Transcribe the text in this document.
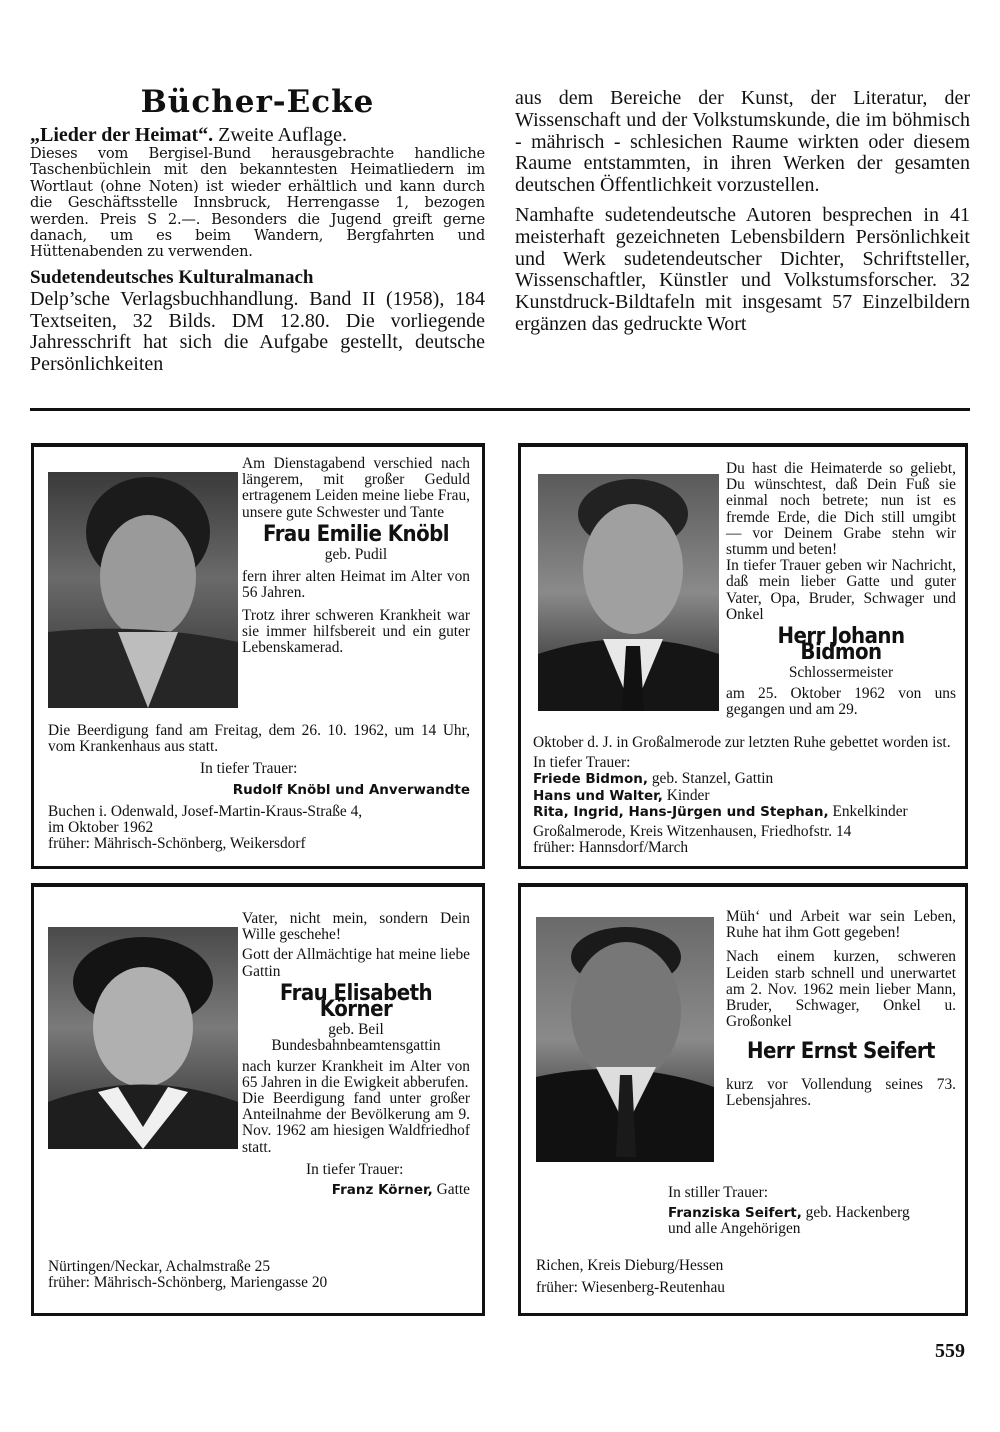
Bücher-Ecke

„Lieder der Heimat“. Zweite Auflage.

Dieses vom Bergisel-Bund herausgebrachte handliche Taschenbüchlein mit den bekanntesten Heimatliedern im Wortlaut (ohne Noten) ist wieder erhältlich und kann durch die Geschäftsstelle Innsbruck, Herrengasse 1, bezogen werden. Preis S 2.—. Besonders die Jugend greift gerne danach, um es beim Wandern, Bergfahrten und Hüttenabenden zu verwenden.

Sudetendeutsches Kulturalmanach

Delp’sche Verlagsbuchhandlung. Band II (1958), 184 Textseiten, 32 Bilds. DM 12.80. Die vorliegende Jahresschrift hat sich die Aufgabe gestellt, deutsche Persönlichkeiten

aus dem Bereiche der Kunst, der Literatur, der Wissenschaft und der Volkstumskunde, die im böhmisch - mährisch - schlesichen Raume wirkten oder diesem Raume entstammten, in ihren Werken der gesamten deutschen Öffentlichkeit vorzustellen.

Namhafte sudetendeutsche Autoren besprechen in 41 meisterhaft gezeichneten Lebensbildern Persönlichkeit und Werk sudetendeutscher Dichter, Schriftsteller, Wissenschaftler, Künstler und Volkstumsforscher. 32 Kunstdruck-Bildtafeln mit insgesamt 57 Einzelbildern ergänzen das gedruckte Wort

Am Dienstagabend verschied nach längerem, mit großer Geduld ertragenem Leiden meine liebe Frau, unsere gute Schwester und Tante

Frau Emilie Knöbl

geb. Pudil

fern ihrer alten Heimat im Alter von 56 Jahren.

Trotz ihrer schweren Krankheit war sie immer hilfsbereit und ein guter Lebenskamerad.

Die Beerdigung fand am Freitag, dem 26. 10. 1962, um 14 Uhr, vom Krankenhaus aus statt.

In tiefer Trauer:

Rudolf Knöbl und Anverwandte

Buchen i. Odenwald, Josef-Martin-Kraus-Straße 4,

im Oktober 1962

früher: Mährisch-Schönberg, Weikersdorf

Du hast die Heimaterde so geliebt, Du wünschtest, daß Dein Fuß sie einmal noch betrete; nun ist es fremde Erde, die Dich still umgibt — vor Deinem Grabe stehn wir stumm und beten!

In tiefer Trauer geben wir Nachricht, daß mein lieber Gatte und guter Vater, Opa, Bruder, Schwager und Onkel

Herr Johann Bidmon

Schlossermeister

am 25. Oktober 1962 von uns gegangen und am 29.

Oktober d. J. in Großalmerode zur letzten Ruhe gebettet worden ist.

In tiefer Trauer:

Friede Bidmon, geb. Stanzel, Gattin

Hans und Walter, Kinder

Rita, Ingrid, Hans-Jürgen und Stephan, Enkelkinder

Großalmerode, Kreis Witzenhausen, Friedhofstr. 14

früher: Hannsdorf/March

Vater, nicht mein, sondern Dein Wille geschehe!

Gott der Allmächtige hat meine liebe Gattin

Frau Elisabeth Körner

geb. Beil

Bundesbahnbeamtensgattin

nach kurzer Krankheit im Alter von 65 Jahren in die Ewigkeit abberufen.

Die Beerdigung fand unter großer Anteilnahme der Bevölkerung am 9. Nov. 1962 am hiesigen Waldfriedhof statt.

In tiefer Trauer:

Franz Körner, Gatte

Nürtingen/Neckar, Achalmstraße 25

früher: Mährisch-Schönberg, Mariengasse 20

Müh‘ und Arbeit war sein Leben, Ruhe hat ihm Gott gegeben!

Nach einem kurzen, schweren Leiden starb schnell und unerwartet am 2. Nov. 1962 mein lieber Mann, Bruder, Schwager, Onkel u. Großonkel

Herr Ernst Seifert

kurz vor Vollendung seines 73. Lebensjahres.

In stiller Trauer:

Franziska Seifert, geb. Hackenberg

und alle Angehörigen

Richen, Kreis Dieburg/Hessen

früher: Wiesenberg-Reutenhau

559
